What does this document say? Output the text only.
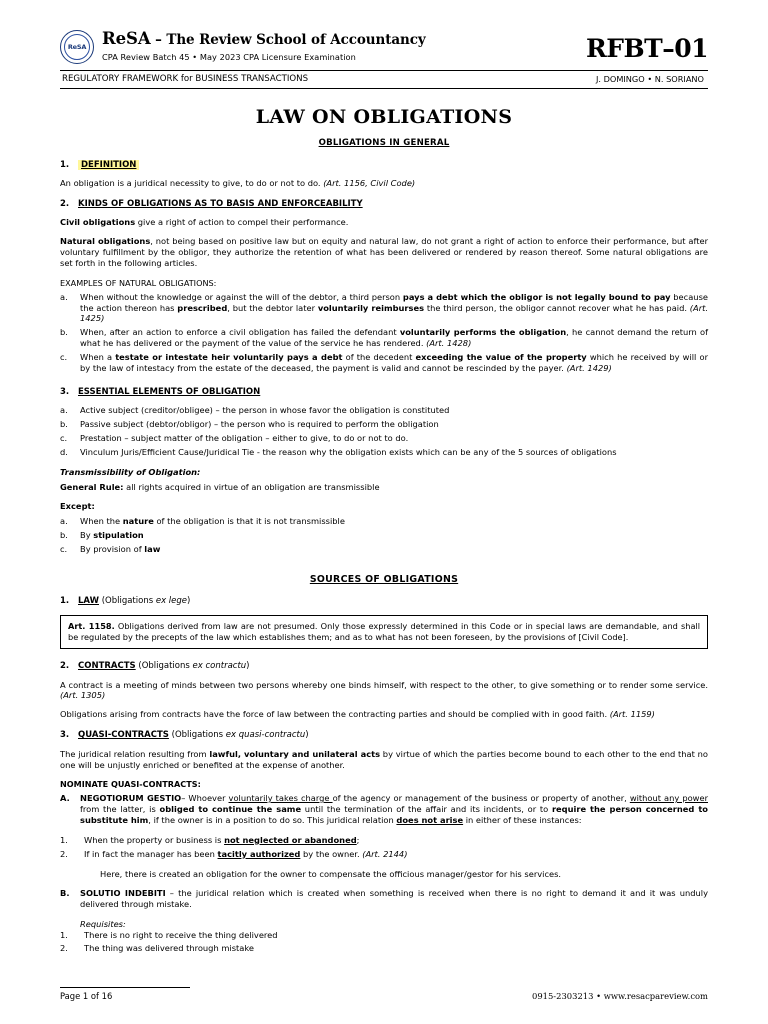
ReSA ReSA – The Review School of Accountancy
CPA Review Batch 45 • May 2023 CPA Licensure Examination	RFBT–01
REGULATORY FRAMEWORK for BUSINESS TRANSACTIONS	J. DOMINGO • N. SORIANO
LAW ON OBLIGATIONS
OBLIGATIONS IN GENERAL
1. DEFINITION

An obligation is a juridical necessity to give, to do or not to do. (Art. 1156, Civil Code)

2. KINDS OF OBLIGATIONS AS TO BASIS AND ENFORCEABILITY

Civil obligations give a right of action to compel their performance.

Natural obligations, not being based on positive law but on equity and natural law, do not grant a right of action to enforce their performance, but after voluntary fulfillment by the obligor, they authorize the retention of what has been delivered or rendered by reason thereof. Some natural obligations are set forth in the following articles.

EXAMPLES OF NATURAL OBLIGATIONS:
a.	When without the knowledge or against the will of the debtor, a third person pays a debt which the obligor is not legally bound to pay because the action thereon has prescribed, but the debtor later voluntarily reimburses the third person, the obligor cannot recover what he has paid. (Art. 1425)
b.	When, after an action to enforce a civil obligation has failed the defendant voluntarily performs the obligation, he cannot demand the return of what he has delivered or the payment of the value of the service he has rendered. (Art. 1428)
c.	When a testate or intestate heir voluntarily pays a debt of the decedent exceeding the value of the property which he received by will or by the law of intestacy from the estate of the deceased, the payment is valid and cannot be rescinded by the payer. (Art. 1429)
3. ESSENTIAL ELEMENTS OF OBLIGATION
a.	Active subject (creditor/obligee) – the person in whose favor the obligation is constituted
b.	Passive subject (debtor/obligor) – the person who is required to perform the obligation
c.	Prestation – subject matter of the obligation – either to give, to do or not to do.
d.	Vinculum Juris/Efficient Cause/Juridical Tie - the reason why the obligation exists which can be any of the 5 sources of obligations

Transmissibility of Obligation:

General Rule: all rights acquired in virtue of an obligation are transmissible

Except:

a.	When the nature of the obligation is that it is not transmissible
b.	By stipulation
c.	By provision of law
SOURCES OF OBLIGATIONS
1. LAW (Obligations ex lege)
Art. 1158. Obligations derived from law are not presumed. Only those expressly determined in this Code or in special laws are demandable, and shall be regulated by the precepts of the law which establishes them; and as to what has not been foreseen, by the provisions of [Civil Code].
2. CONTRACTS (Obligations ex contractu)

A contract is a meeting of minds between two persons whereby one binds himself, with respect to the other, to give something or to render some service. (Art. 1305)

Obligations arising from contracts have the force of law between the contracting parties and should be complied with in good faith. (Art. 1159)

3. QUASI-CONTRACTS (Obligations ex quasi-contractu)

The juridical relation resulting from lawful, voluntary and unilateral acts by virtue of which the parties become bound to each other to the end that no one will be unjustly enriched or benefited at the expense of another.

NOMINATE QUASI-CONTRACTS:
A.	NEGOTIORUM GESTIO– Whoever voluntarily takes charge of the agency or management of the business or property of another, without any power from the latter, is obliged to continue the same until the termination of the affair and its incidents, or to require the person concerned to substitute him, if the owner is in a position to do so. This juridical relation does not arise in either of these instances:
1.	When the property or business is not neglected or abandoned;
2.	If in fact the manager has been tacitly authorized by the owner. (Art. 2144)

Here, there is created an obligation for the owner to compensate the officious manager/gestor for his services.

B.	SOLUTIO INDEBITI – the juridical relation which is created when something is received when there is no right to demand it and it was unduly delivered through mistake.
Requisites:
1.	There is no right to receive the thing delivered
2.	The thing was delivered through mistake
Page 1 of 16	0915-2303213 • www.resacpareview.com
